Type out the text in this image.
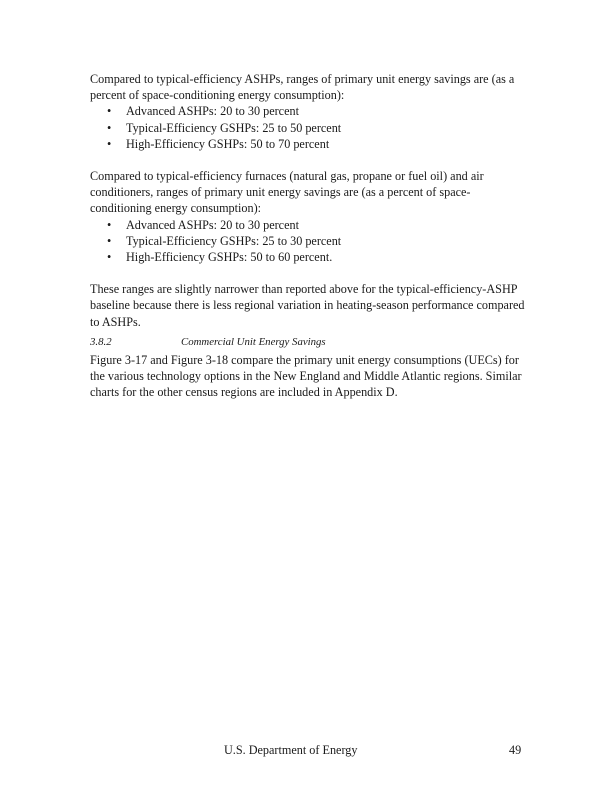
Compared to typical-efficiency ASHPs, ranges of primary unit energy savings are (as a percent of space-conditioning energy consumption):

• Advanced ASHPs: 20 to 30 percent
• Typical-Efficiency GSHPs: 25 to 50 percent
• High-Efficiency GSHPs: 50 to 70 percent

Compared to typical-efficiency furnaces (natural gas, propane or fuel oil) and air conditioners, ranges of primary unit energy savings are (as a percent of space-conditioning energy consumption):

• Advanced ASHPs: 20 to 30 percent
• Typical-Efficiency GSHPs: 25 to 30 percent
• High-Efficiency GSHPs: 50 to 60 percent.

These ranges are slightly narrower than reported above for the typical-efficiency-ASHP baseline because there is less regional variation in heating-season performance compared to ASHPs.

3.8.2	Commercial Unit Energy Savings

Figure 3-17 and Figure 3-18 compare the primary unit energy consumptions (UECs) for the various technology options in the New England and Middle Atlantic regions. Similar charts for the other census regions are included in Appendix D.

U.S. Department of Energy	49
